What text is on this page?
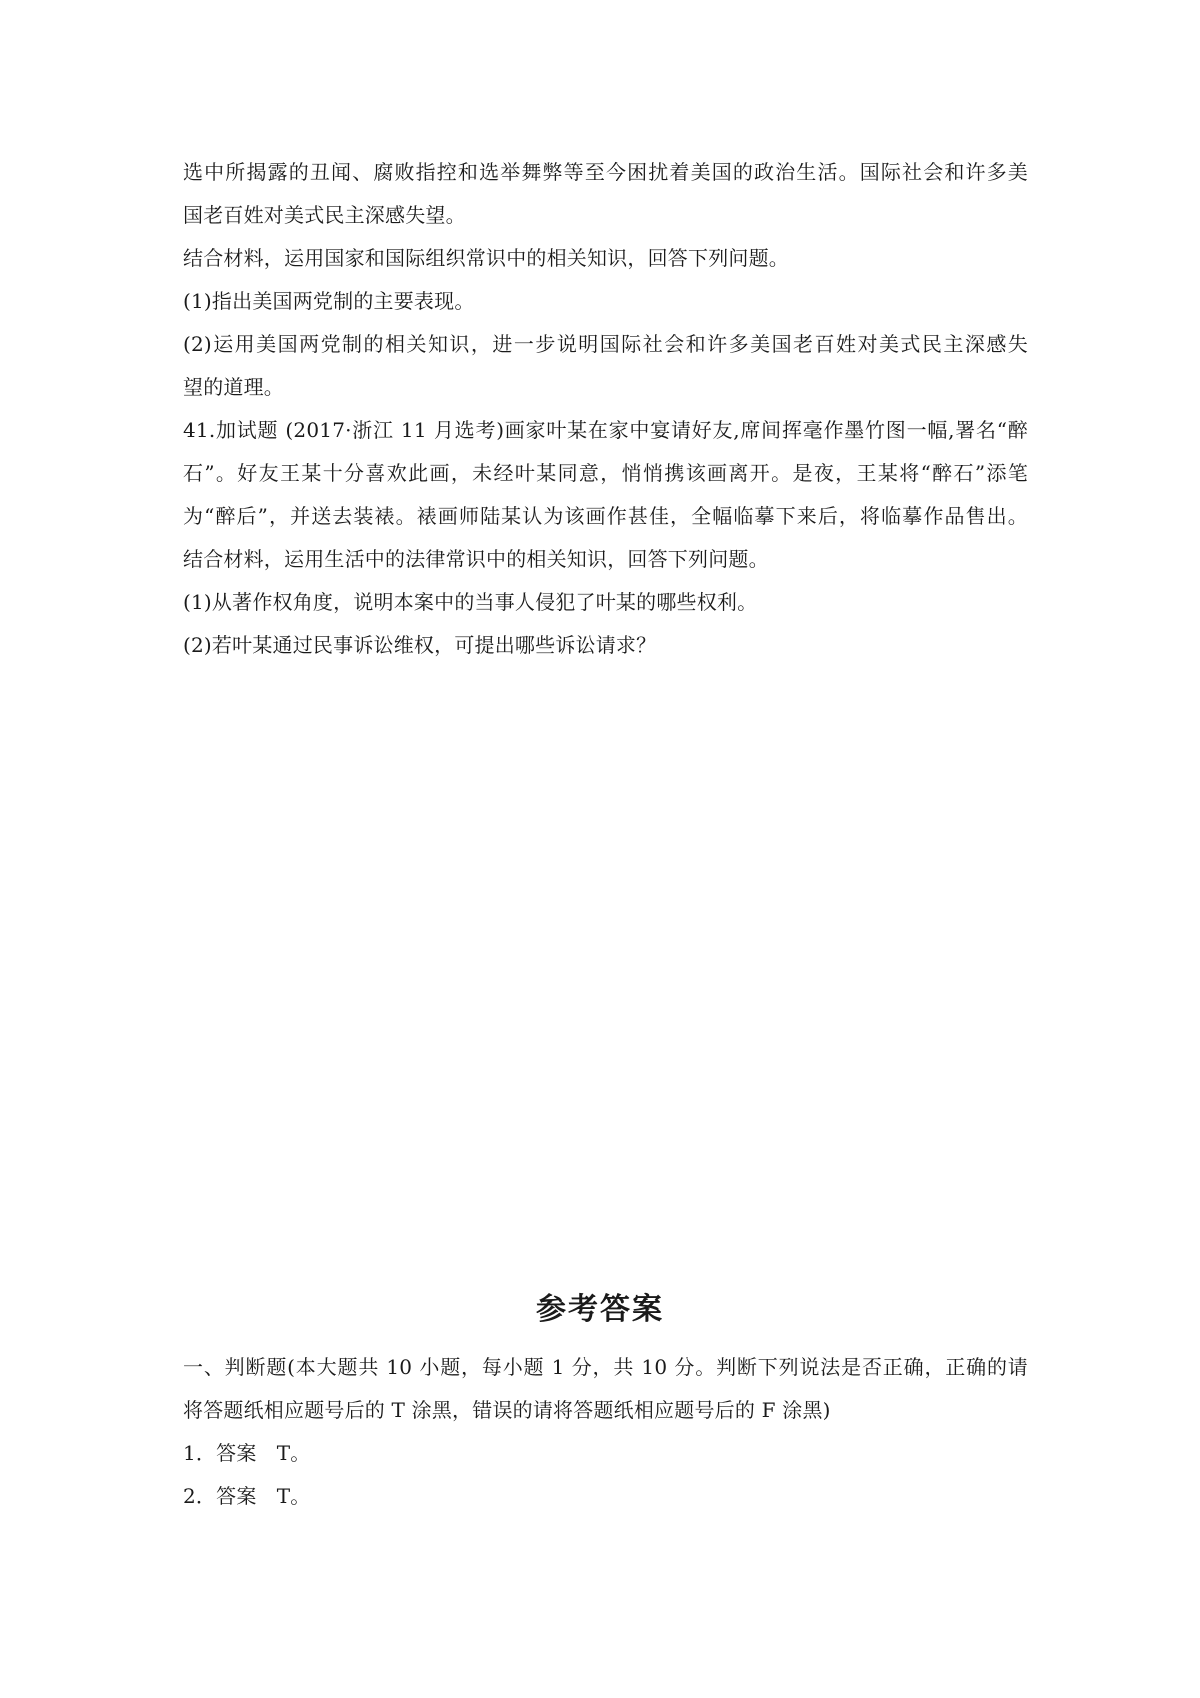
选中所揭露的丑闻、腐败指控和选举舞弊等至今困扰着美国的政治生活。国际社会和许多美
国老百姓对美式民主深感失望。
结合材料，运用国家和国际组织常识中的相关知识，回答下列问题。
(1)指出美国两党制的主要表现。
(2)运用美国两党制的相关知识，进一步说明国际社会和许多美国老百姓对美式民主深感失
望的道理。
41.加试题 (2017·浙江 11 月选考)画家叶某在家中宴请好友,席间挥毫作墨竹图一幅,署名“醉
石”。好友王某十分喜欢此画，未经叶某同意，悄悄携该画离开。是夜，王某将“醉石”添笔
为“醉后”，并送去装裱。裱画师陆某认为该画作甚佳，全幅临摹下来后，将临摹作品售出。
结合材料，运用生活中的法律常识中的相关知识，回答下列问题。
(1)从著作权角度，说明本案中的当事人侵犯了叶某的哪些权利。
(2)若叶某通过民事诉讼维权，可提出哪些诉讼请求？
参考答案
一、判断题(本大题共 10 小题，每小题 1 分，共 10 分。判断下列说法是否正确，正确的请
将答题纸相应题号后的 T 涂黑，错误的请将答题纸相应题号后的 F 涂黑)
1．答案　T。
2．答案　T。
